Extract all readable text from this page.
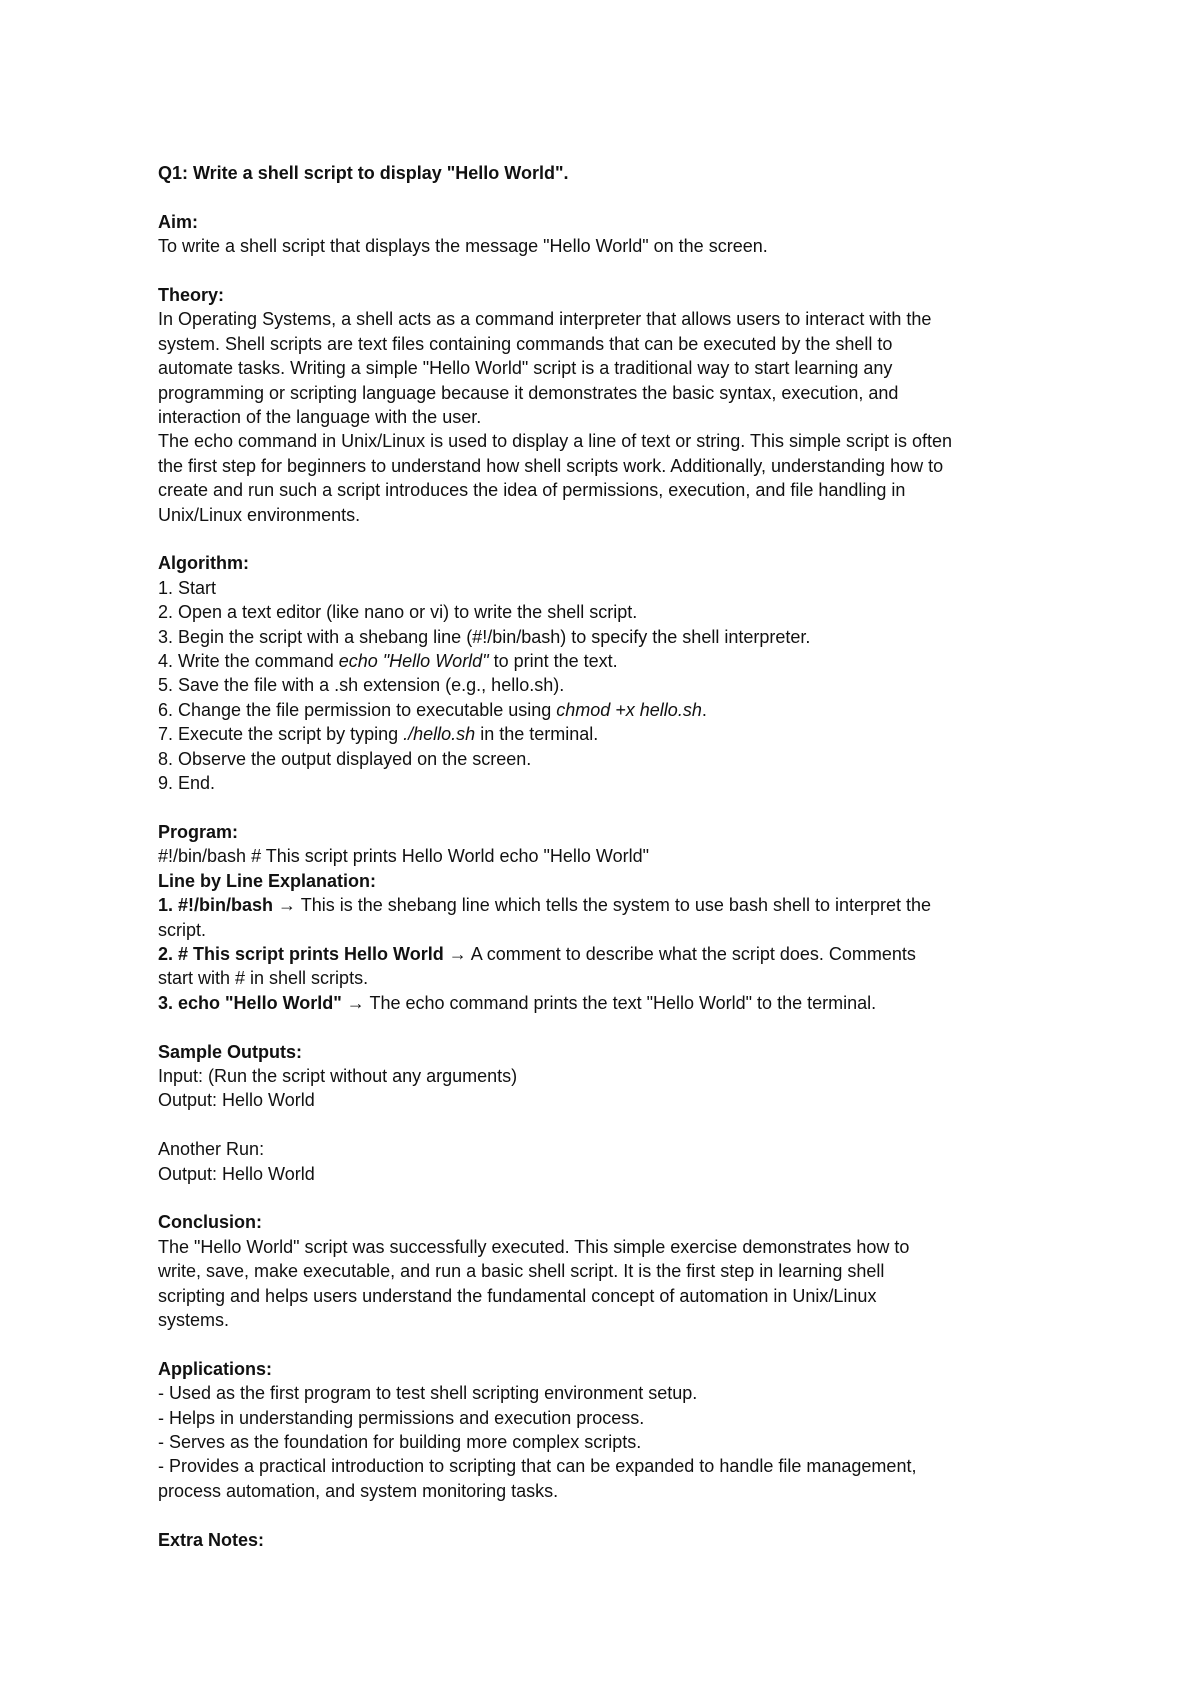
Q1: Write a shell script to display "Hello World".
Aim:
To write a shell script that displays the message "Hello World" on the screen.
Theory:
In Operating Systems, a shell acts as a command interpreter that allows users to interact with the
system. Shell scripts are text files containing commands that can be executed by the shell to
automate tasks. Writing a simple "Hello World" script is a traditional way to start learning any
programming or scripting language because it demonstrates the basic syntax, execution, and
interaction of the language with the user.
The echo command in Unix/Linux is used to display a line of text or string. This simple script is often
the first step for beginners to understand how shell scripts work. Additionally, understanding how to
create and run such a script introduces the idea of permissions, execution, and file handling in
Unix/Linux environments.
Algorithm:
1. Start
2. Open a text editor (like nano or vi) to write the shell script.
3. Begin the script with a shebang line (#!/bin/bash) to specify the shell interpreter.
4. Write the command echo "Hello World" to print the text.
5. Save the file with a .sh extension (e.g., hello.sh).
6. Change the file permission to executable using chmod +x hello.sh.
7. Execute the script by typing ./hello.sh in the terminal.
8. Observe the output displayed on the screen.
9. End.
Program:
#!/bin/bash # This script prints Hello World echo "Hello World"
Line by Line Explanation:
1. #!/bin/bash → This is the shebang line which tells the system to use bash shell to interpret the
script.
2. # This script prints Hello World → A comment to describe what the script does. Comments
start with # in shell scripts.
3. echo "Hello World" → The echo command prints the text "Hello World" to the terminal.
Sample Outputs:
Input: (Run the script without any arguments)
Output: Hello World
Another Run:
Output: Hello World
Conclusion:
The "Hello World" script was successfully executed. This simple exercise demonstrates how to
write, save, make executable, and run a basic shell script. It is the first step in learning shell
scripting and helps users understand the fundamental concept of automation in Unix/Linux
systems.
Applications:
- Used as the first program to test shell scripting environment setup.
- Helps in understanding permissions and execution process.
- Serves as the foundation for building more complex scripts.
- Provides a practical introduction to scripting that can be expanded to handle file management,
process automation, and system monitoring tasks.
Extra Notes:
